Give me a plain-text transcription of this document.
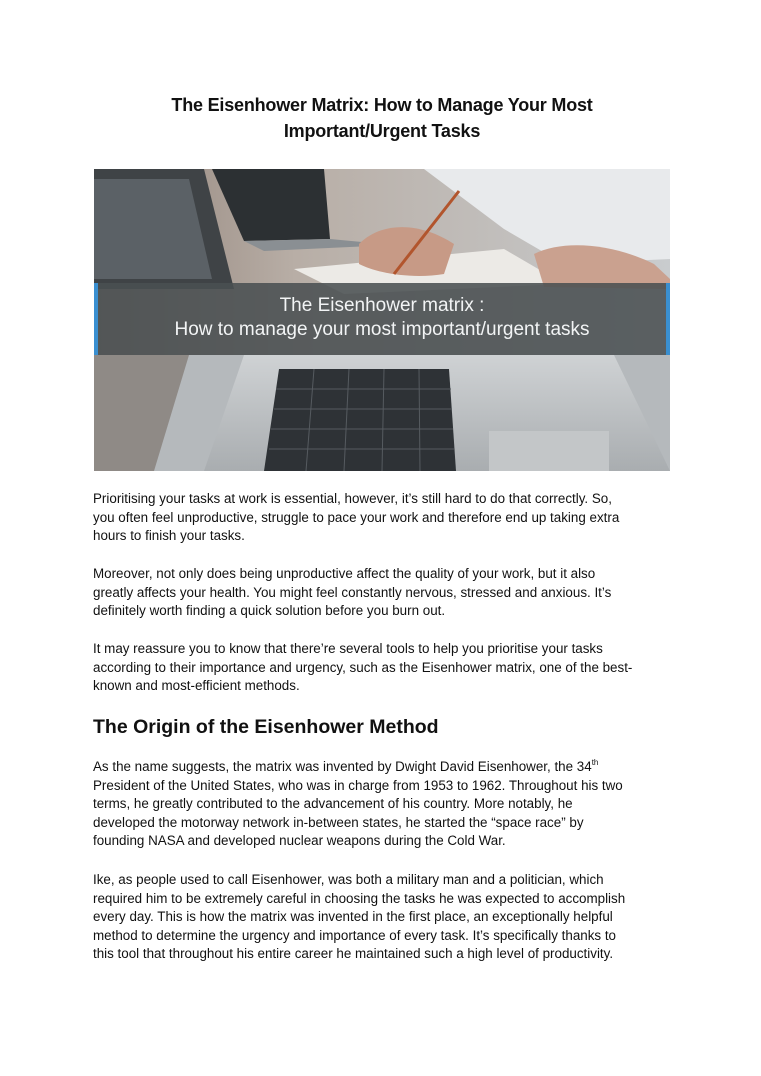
The Eisenhower Matrix: How to Manage Your Most
Important/Urgent Tasks
The Eisenhower matrix :
How to manage your most important/urgent tasks

Prioritising your tasks at work is essential, however, it’s still hard to do that correctly. So,
you often feel unproductive, struggle to pace your work and therefore end up taking extra
hours to finish your tasks.

Moreover, not only does being unproductive affect the quality of your work, but it also
greatly affects your health. You might feel constantly nervous, stressed and anxious. It’s
definitely worth finding a quick solution before you burn out.

It may reassure you to know that there’re several tools to help you prioritise your tasks
according to their importance and urgency, such as the Eisenhower matrix, one of the best-
known and most-efficient methods.

The Origin of the Eisenhower Method

As the name suggests, the matrix was invented by Dwight David Eisenhower, the 34th
President of the United States, who was in charge from 1953 to 1962. Throughout his two
terms, he greatly contributed to the advancement of his country. More notably, he
developed the motorway network in-between states, he started the “space race” by
founding NASA and developed nuclear weapons during the Cold War.

Ike, as people used to call Eisenhower, was both a military man and a politician, which
required him to be extremely careful in choosing the tasks he was expected to accomplish
every day. This is how the matrix was invented in the first place, an exceptionally helpful
method to determine the urgency and importance of every task. It’s specifically thanks to
this tool that throughout his entire career he maintained such a high level of productivity.
